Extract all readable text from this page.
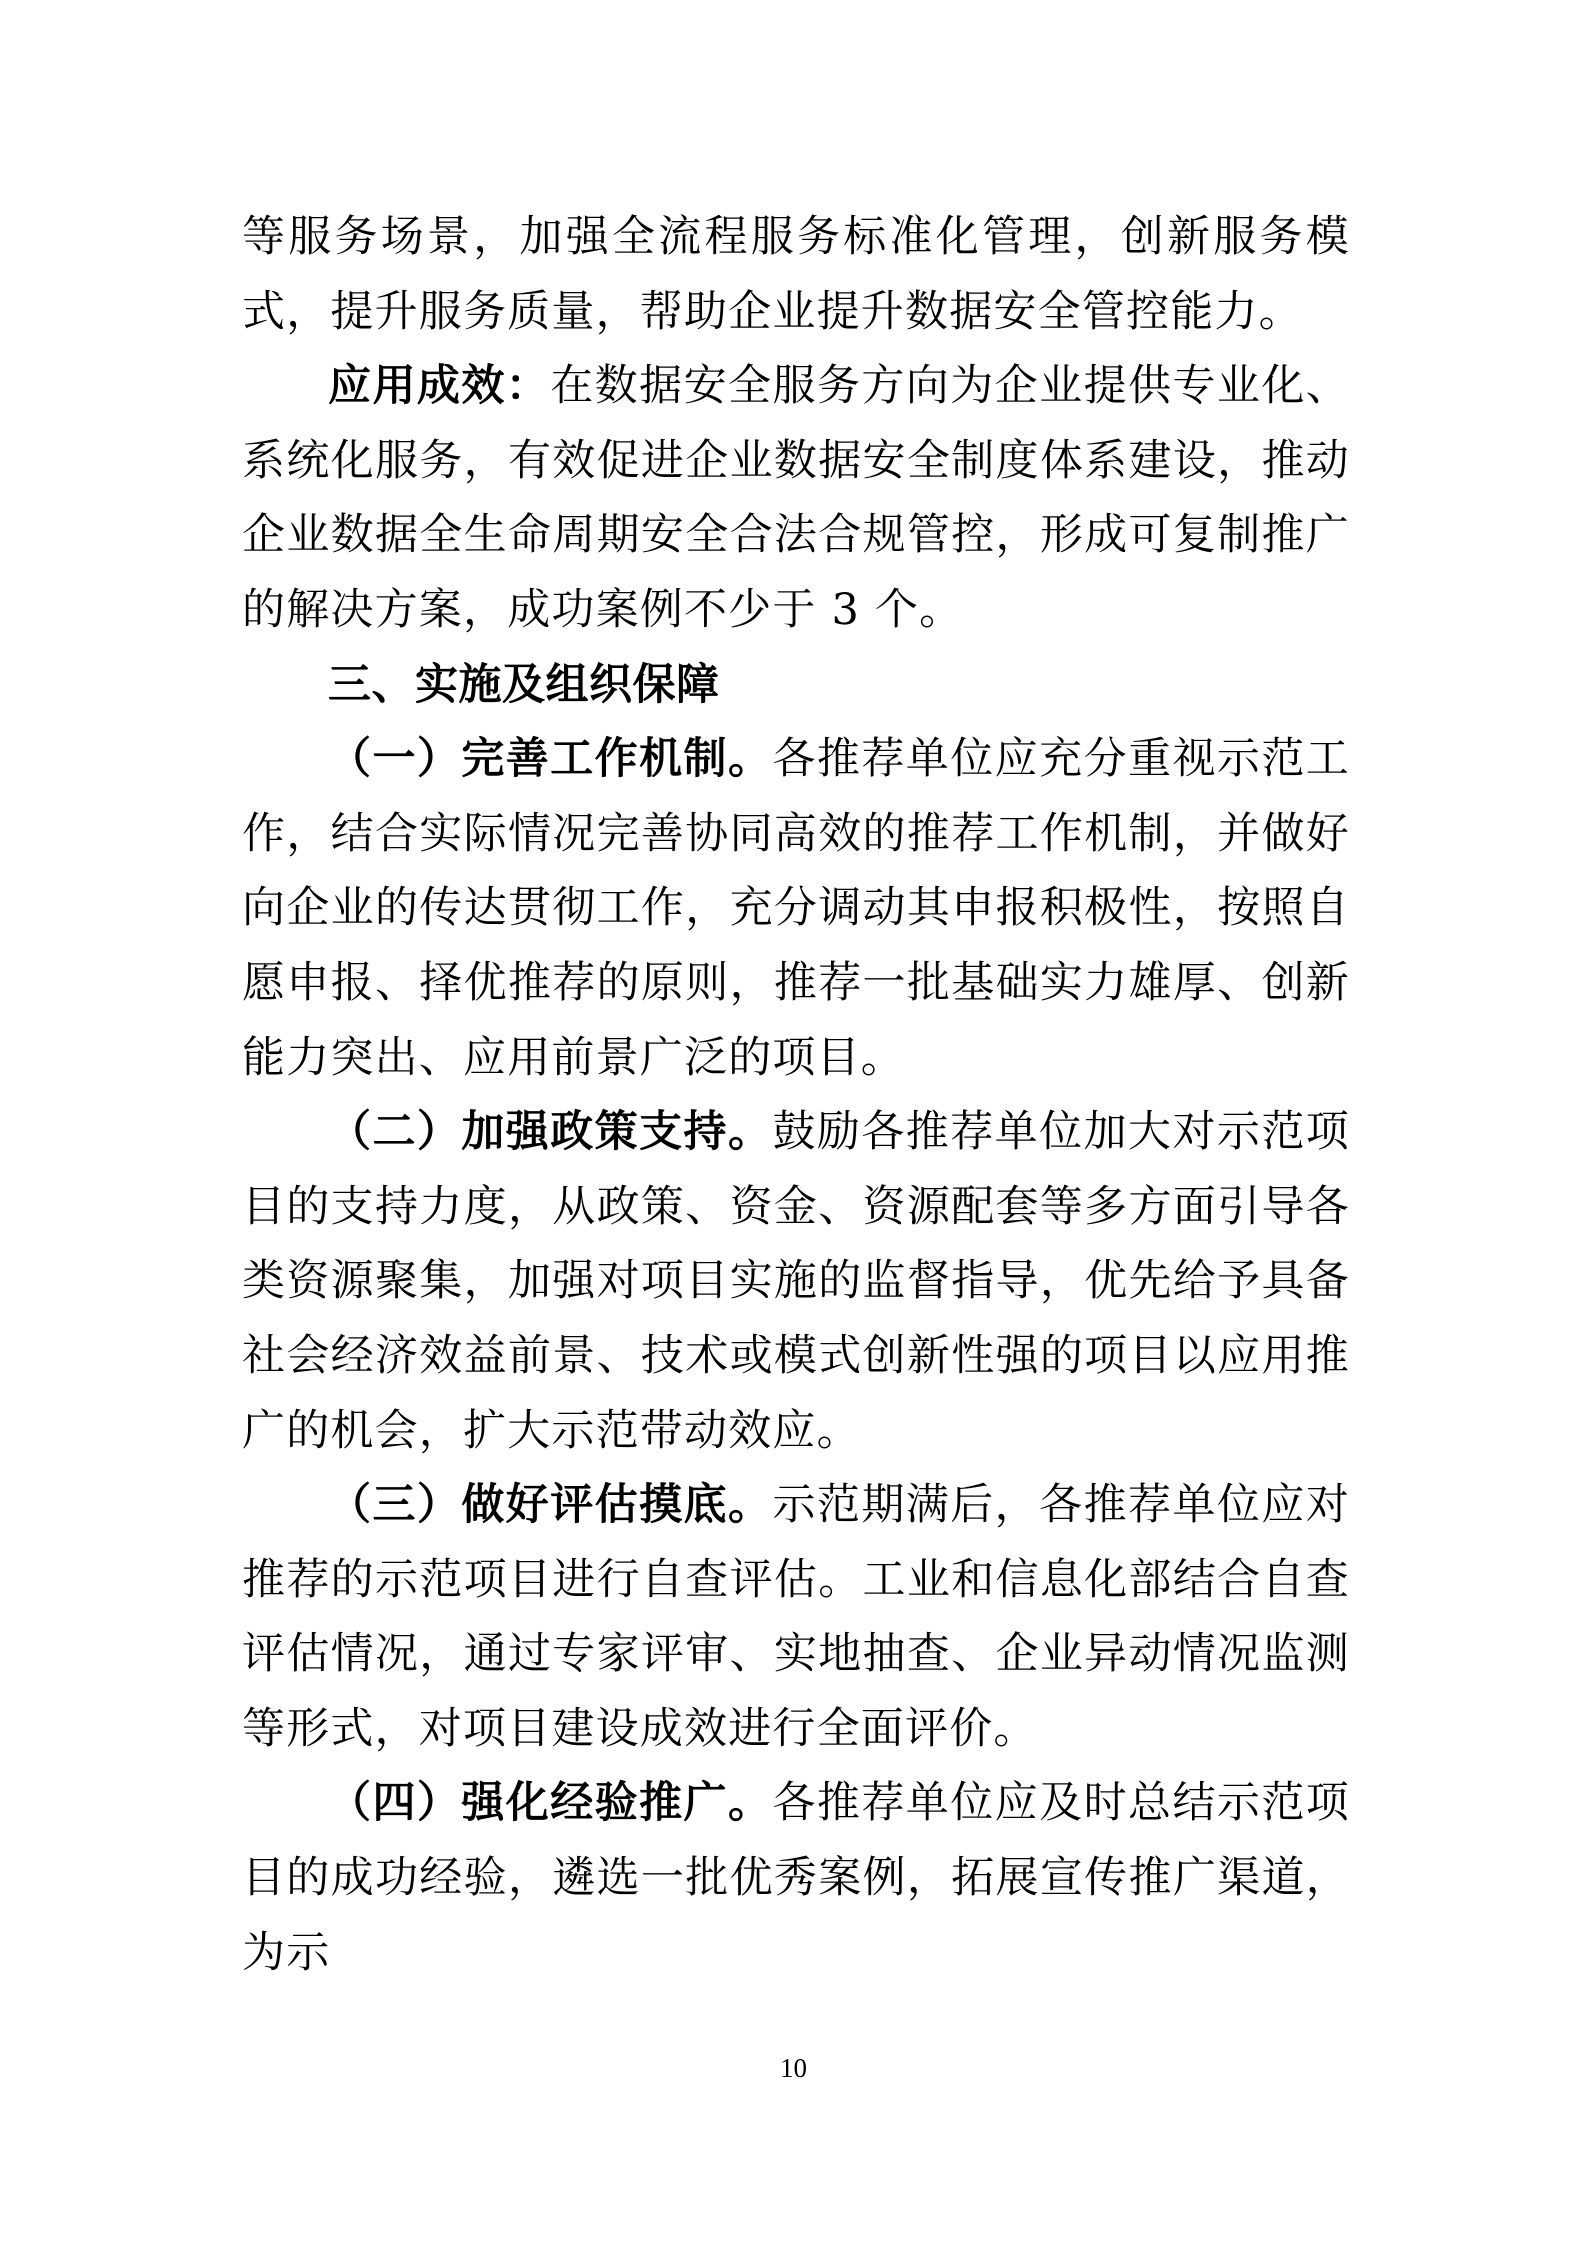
等服务场景，加强全流程服务标准化管理，创新服务模式，提升服务质量，帮助企业提升数据安全管控能力。

应用成效：在数据安全服务方向为企业提供专业化、系统化服务，有效促进企业数据安全制度体系建设，推动企业数据全生命周期安全合法合规管控，形成可复制推广的解决方案，成功案例不少于 3 个。

三、实施及组织保障

（一）完善工作机制。各推荐单位应充分重视示范工作，结合实际情况完善协同高效的推荐工作机制，并做好向企业的传达贯彻工作，充分调动其申报积极性，按照自愿申报、择优推荐的原则，推荐一批基础实力雄厚、创新能力突出、应用前景广泛的项目。

（二）加强政策支持。鼓励各推荐单位加大对示范项目的支持力度，从政策、资金、资源配套等多方面引导各类资源聚集，加强对项目实施的监督指导，优先给予具备社会经济效益前景、技术或模式创新性强的项目以应用推广的机会，扩大示范带动效应。

（三）做好评估摸底。示范期满后，各推荐单位应对推荐的示范项目进行自查评估。工业和信息化部结合自查评估情况，通过专家评审、实地抽查、企业异动情况监测等形式，对项目建设成效进行全面评价。

（四）强化经验推广。各推荐单位应及时总结示范项目的成功经验，遴选一批优秀案例，拓展宣传推广渠道，为示

10
